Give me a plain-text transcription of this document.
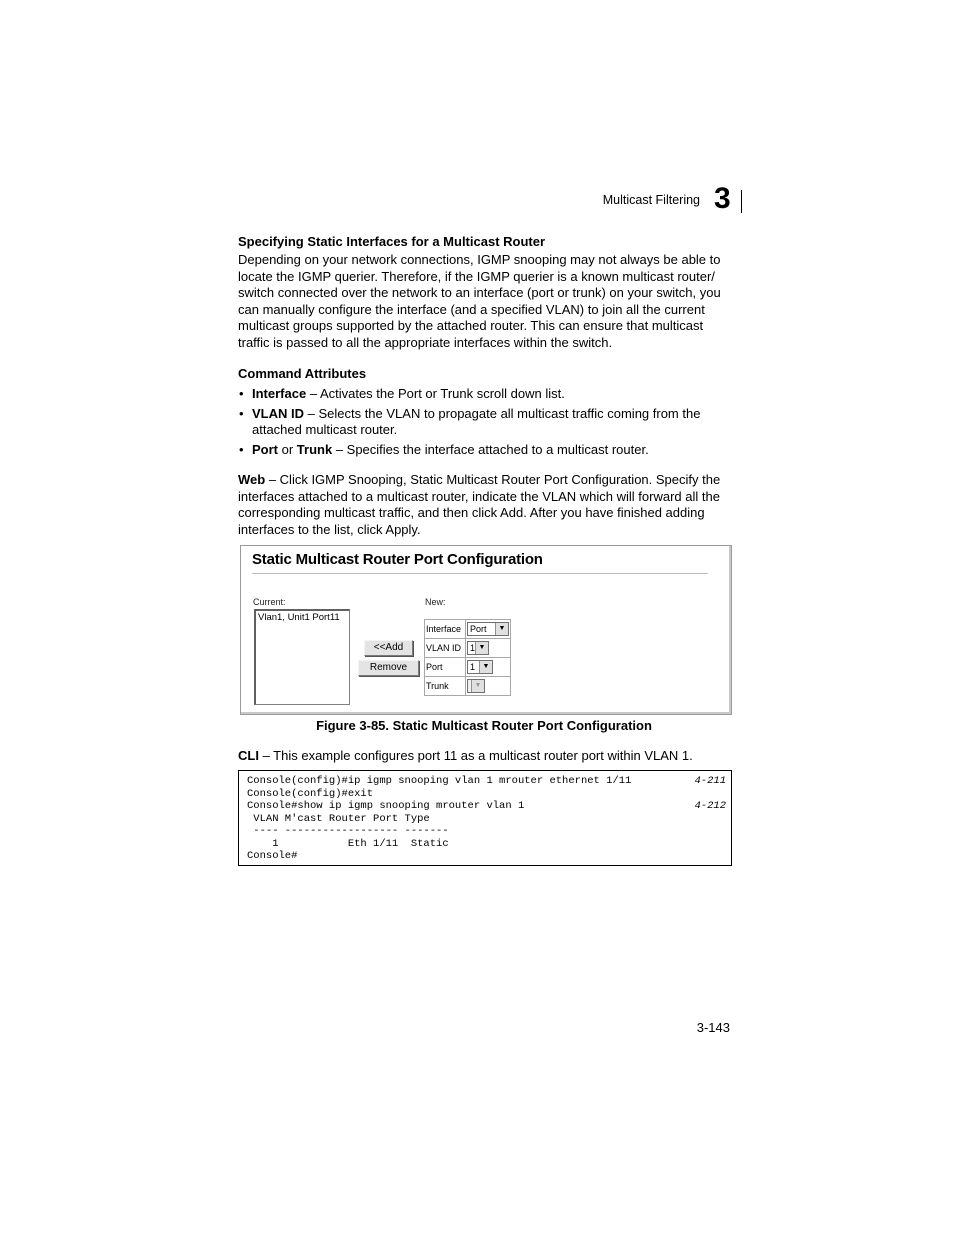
Multicast Filtering 3
Specifying Static Interfaces for a Multicast Router
Depending on your network connections, IGMP snooping may not always be able to locate the IGMP querier. Therefore, if the IGMP querier is a known multicast router/ switch connected over the network to an interface (port or trunk) on your switch, you can manually configure the interface (and a specified VLAN) to join all the current multicast groups supported by the attached router. This can ensure that multicast traffic is passed to all the appropriate interfaces within the switch.
Command Attributes
• Interface – Activates the Port or Trunk scroll down list.
• VLAN ID – Selects the VLAN to propagate all multicast traffic coming from the attached multicast router.
• Port or Trunk – Specifies the interface attached to a multicast router.
Web – Click IGMP Snooping, Static Multicast Router Port Configuration. Specify the interfaces attached to a multicast router, indicate the VLAN which will forward all the corresponding multicast traffic, and then click Add. After you have finished adding interfaces to the list, click Apply.
Static Multicast Router Port Configuration
Current:	New:
Vlan1, Unit1 Port11
<<Add
Remove
Interface	Port ▼

VLAN ID	1 ▼

Port	1 ▼

Trunk	▼
Figure 3-85. Static Multicast Router Port Configuration
CLI – This example configures port 11 as a multicast router port within VLAN 1.
Console(config)#ip igmp snooping vlan 1 mrouter ethernet 1/11	4-211
Console(config)#exit
Console#show ip igmp snooping mrouter vlan 1	4-212
VLAN M'cast Router Port Type
---- ------------------ -------
1           Eth 1/11  Static
Console#
3-143
